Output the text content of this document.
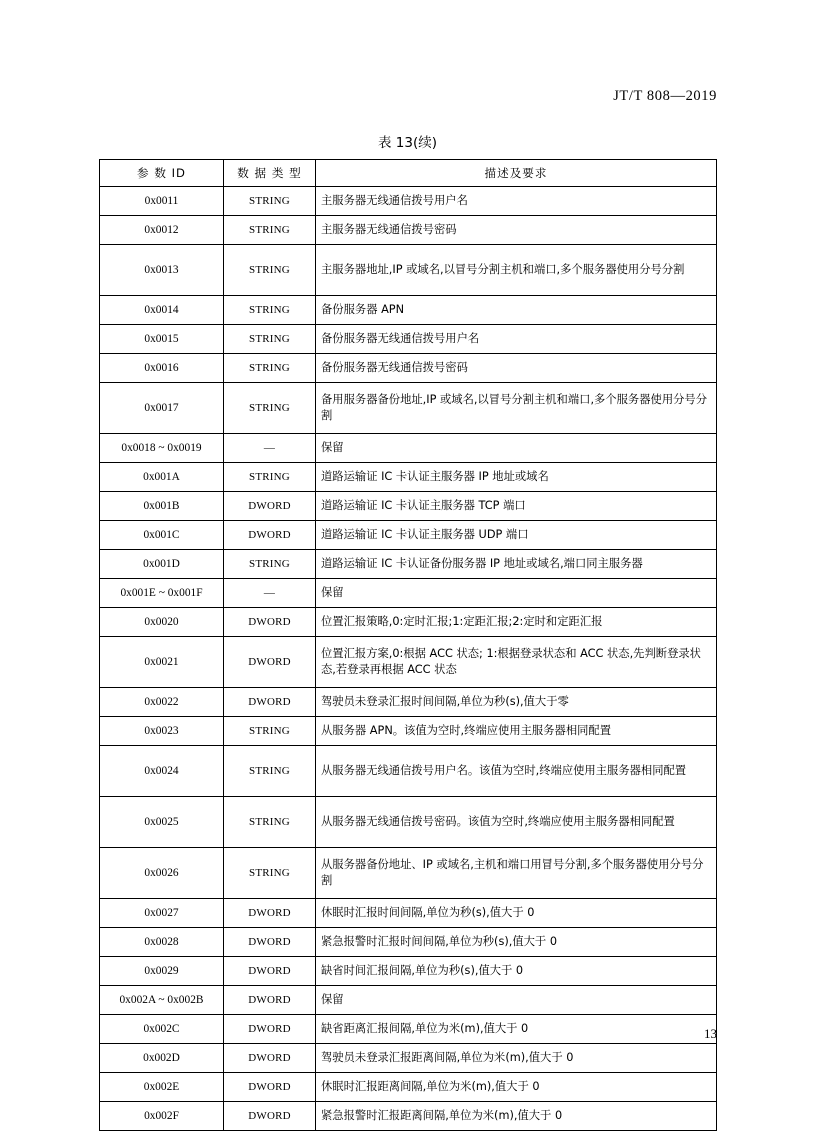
JT/T 808—2019
表 13(续)
参 数 ID	数 据 类 型	描述及要求
0x0011	STRING	主服务器无线通信拨号用户名
0x0012	STRING	主服务器无线通信拨号密码
0x0013	STRING	主服务器地址,IP 或域名,以冒号分割主机和端口,多个服务器使用分号分割
0x0014	STRING	备份服务器 APN
0x0015	STRING	备份服务器无线通信拨号用户名
0x0016	STRING	备份服务器无线通信拨号密码
0x0017	STRING	备用服务器备份地址,IP 或域名,以冒号分割主机和端口,多个服务器使用分号分割
0x0018 ~ 0x0019	—	保留
0x001A	STRING	道路运输证 IC 卡认证主服务器 IP 地址或域名
0x001B	DWORD	道路运输证 IC 卡认证主服务器 TCP 端口
0x001C	DWORD	道路运输证 IC 卡认证主服务器 UDP 端口
0x001D	STRING	道路运输证 IC 卡认证备份服务器 IP 地址或域名,端口同主服务器
0x001E ~ 0x001F	—	保留
0x0020	DWORD	位置汇报策略,0:定时汇报;1:定距汇报;2:定时和定距汇报
0x0021	DWORD	位置汇报方案,0:根据 ACC 状态; 1:根据登录状态和 ACC 状态,先判断登录状态,若登录再根据 ACC 状态
0x0022	DWORD	驾驶员未登录汇报时间间隔,单位为秒(s),值大于零
0x0023	STRING	从服务器 APN。该值为空时,终端应使用主服务器相同配置
0x0024	STRING	从服务器无线通信拨号用户名。该值为空时,终端应使用主服务器相同配置
0x0025	STRING	从服务器无线通信拨号密码。该值为空时,终端应使用主服务器相同配置
0x0026	STRING	从服务器备份地址、IP 或域名,主机和端口用冒号分割,多个服务器使用分号分割
0x0027	DWORD	休眠时汇报时间间隔,单位为秒(s),值大于 0
0x0028	DWORD	紧急报警时汇报时间间隔,单位为秒(s),值大于 0
0x0029	DWORD	缺省时间汇报间隔,单位为秒(s),值大于 0
0x002A ~ 0x002B	DWORD	保留
0x002C	DWORD	缺省距离汇报间隔,单位为米(m),值大于 0
0x002D	DWORD	驾驶员未登录汇报距离间隔,单位为米(m),值大于 0
0x002E	DWORD	休眠时汇报距离间隔,单位为米(m),值大于 0
0x002F	DWORD	紧急报警时汇报距离间隔,单位为米(m),值大于 0
13
